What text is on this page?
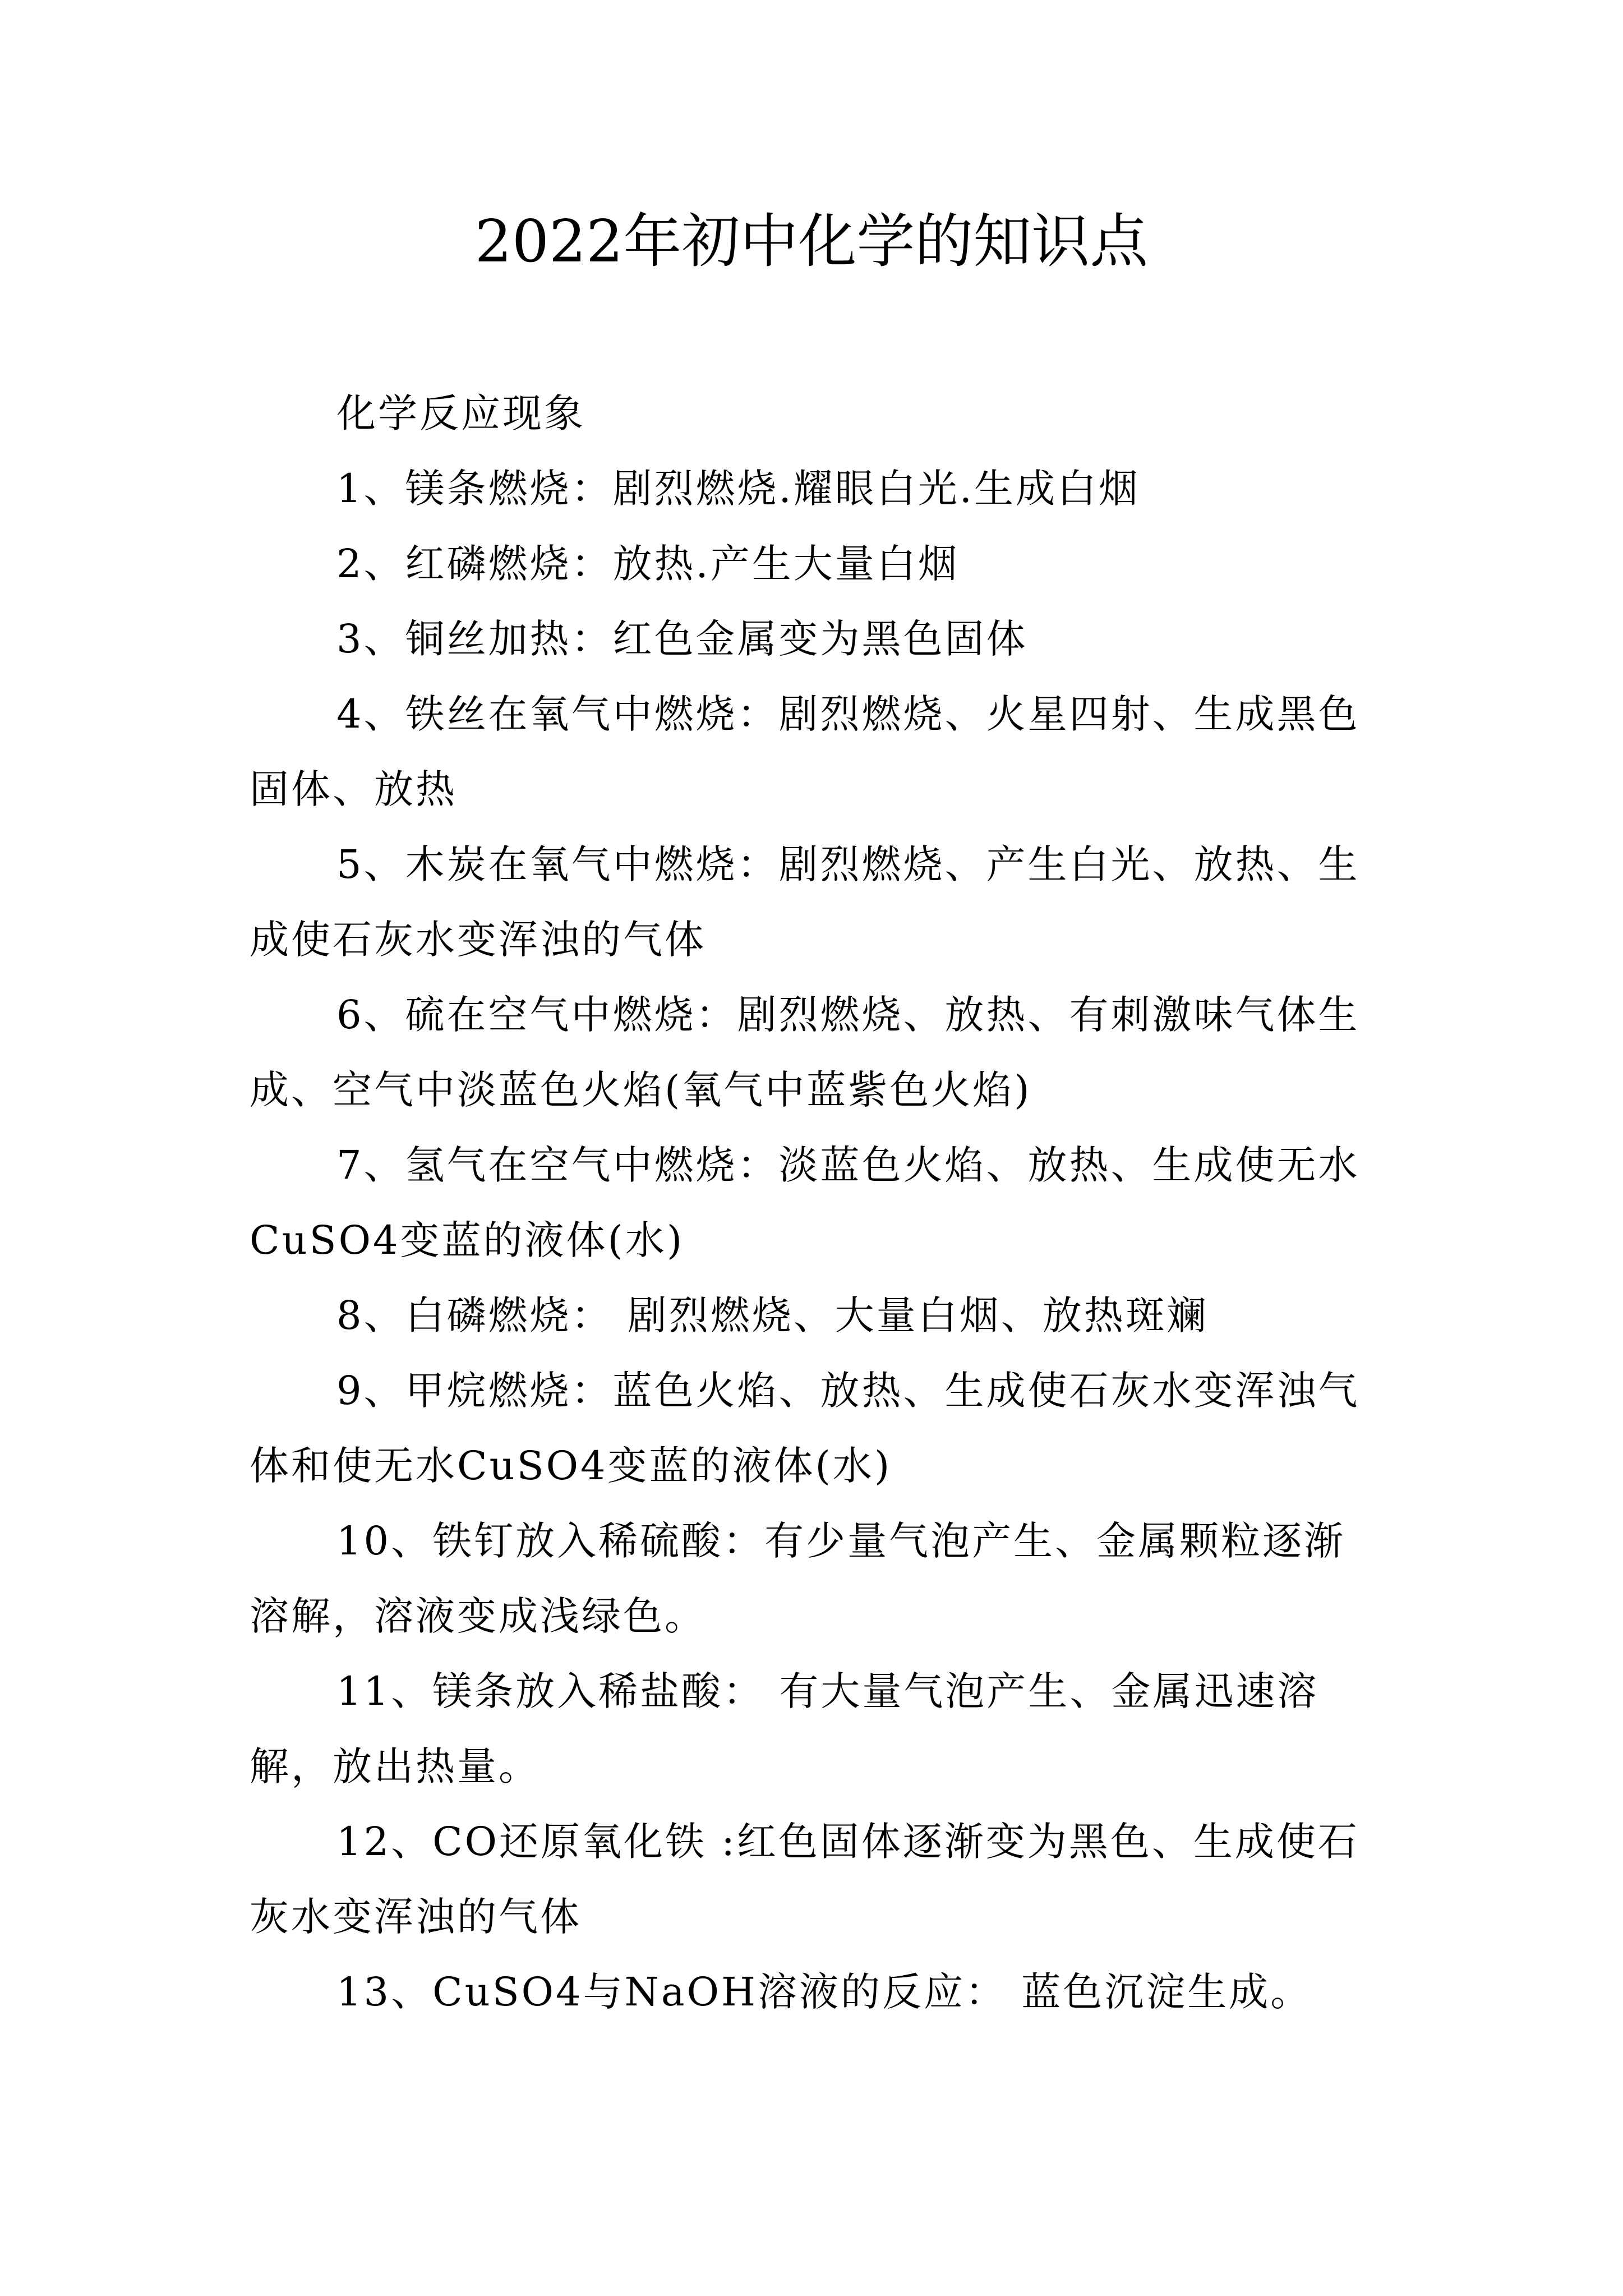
2022年初中化学的知识点

化学反应现象

1、镁条燃烧：剧烈燃烧.耀眼白光.生成白烟

2、红磷燃烧：放热.产生大量白烟

3、铜丝加热：红色金属变为黑色固体

4、铁丝在氧气中燃烧：剧烈燃烧、火星四射、生成黑色固体、放热

5、木炭在氧气中燃烧：剧烈燃烧、产生白光、放热、生成使石灰水变浑浊的气体

6、硫在空气中燃烧：剧烈燃烧、放热、有刺激味气体生成、空气中淡蓝色火焰(氧气中蓝紫色火焰)

7、氢气在空气中燃烧：淡蓝色火焰、放热、生成使无水CuSO4变蓝的液体(水)

8、白磷燃烧： 剧烈燃烧、大量白烟、放热斑斓

9、甲烷燃烧：蓝色火焰、放热、生成使石灰水变浑浊气体和使无水CuSO4变蓝的液体(水)

10、铁钉放入稀硫酸：有少量气泡产生、金属颗粒逐渐溶解，溶液变成浅绿色。

11、镁条放入稀盐酸： 有大量气泡产生、金属迅速溶解，放出热量。

12、CO还原氧化铁 :红色固体逐渐变为黑色、生成使石灰水变浑浊的气体

13、CuSO4与NaOH溶液的反应： 蓝色沉淀生成。
